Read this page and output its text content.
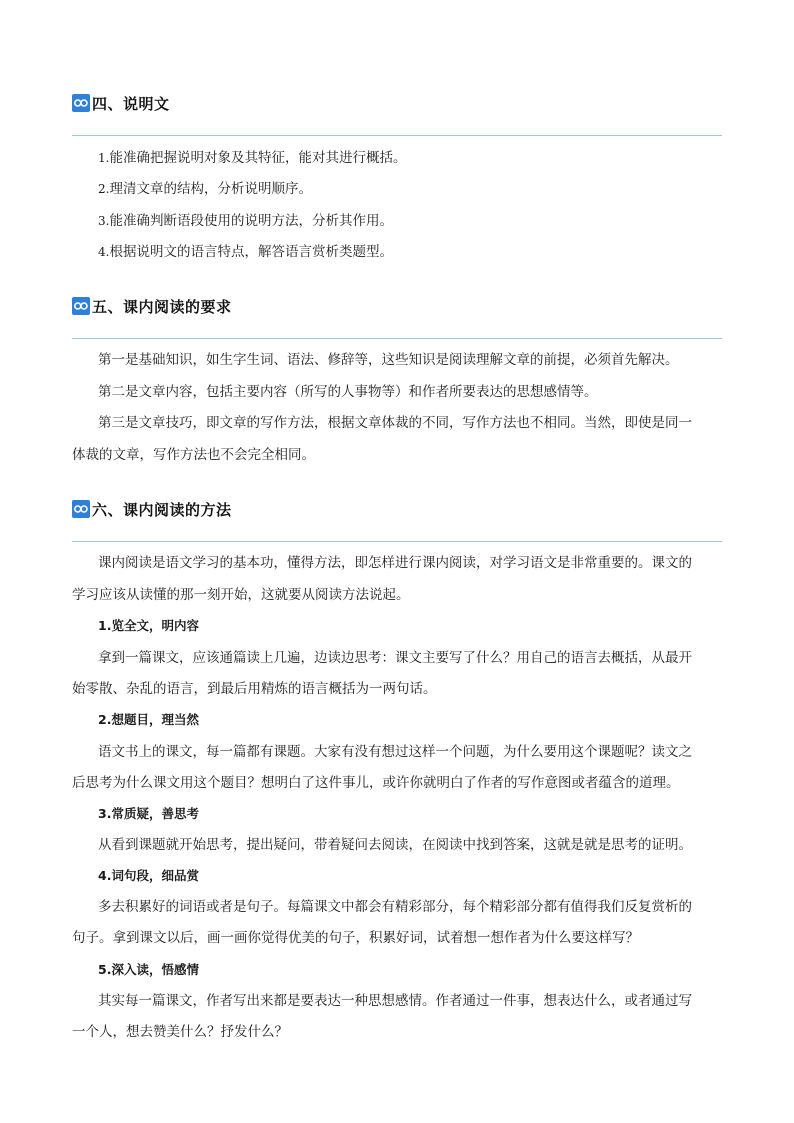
四、说明文
1.能准确把握说明对象及其特征，能对其进行概括。
2.理清文章的结构，分析说明顺序。
3.能准确判断语段使用的说明方法，分析其作用。
4.根据说明文的语言特点，解答语言赏析类题型。
五、课内阅读的要求
第一是基础知识，如生字生词、语法、修辞等，这些知识是阅读理解文章的前提，必须首先解决。
第二是文章内容，包括主要内容（所写的人事物等）和作者所要表达的思想感情等。
第三是文章技巧，即文章的写作方法，根据文章体裁的不同，写作方法也不相同。当然，即使是同一
体裁的文章，写作方法也不会完全相同。
六、课内阅读的方法
课内阅读是语文学习的基本功，懂得方法，即怎样进行课内阅读，对学习语文是非常重要的。课文的
学习应该从读懂的那一刻开始，这就要从阅读方法说起。
1.览全文，明内容
拿到一篇课文，应该通篇读上几遍，边读边思考：课文主要写了什么？用自己的语言去概括，从最开
始零散、杂乱的语言，到最后用精炼的语言概括为一两句话。
2.想题目，理当然
语文书上的课文，每一篇都有课题。大家有没有想过这样一个问题，为什么要用这个课题呢？读文之
后思考为什么课文用这个题目？想明白了这件事儿，或许你就明白了作者的写作意图或者蕴含的道理。
3.常质疑，善思考
从看到课题就开始思考，提出疑问，带着疑问去阅读，在阅读中找到答案，这就是就是思考的证明。
4.词句段，细品赏
多去积累好的词语或者是句子。每篇课文中都会有精彩部分，每个精彩部分都有值得我们反复赏析的
句子。拿到课文以后，画一画你觉得优美的句子，积累好词，试着想一想作者为什么要这样写？
5.深入读，悟感情
其实每一篇课文，作者写出来都是要表达一种思想感情。作者通过一件事，想表达什么，或者通过写
一个人，想去赞美什么？抒发什么？
